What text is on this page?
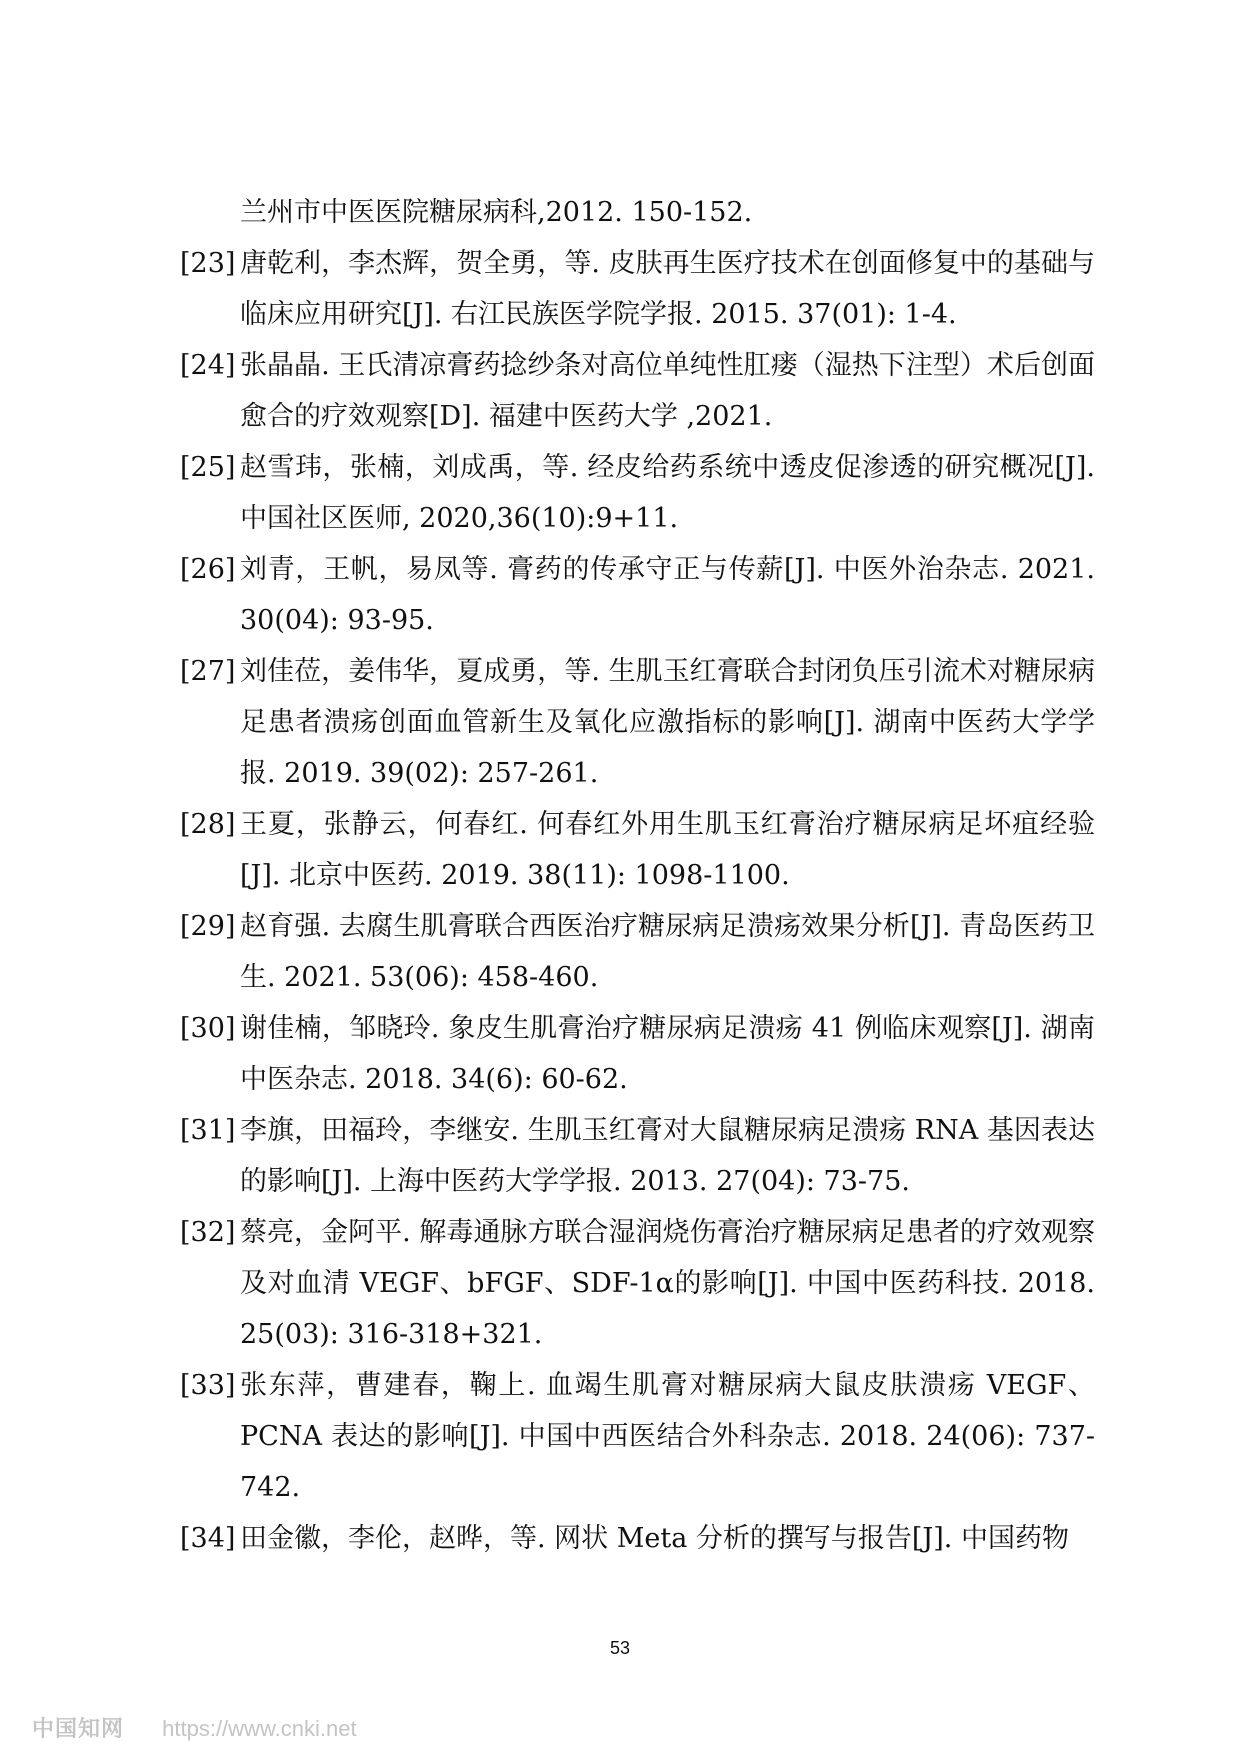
兰州市中医医院糖尿病科,2012. 150-152.
[23] 唐乾利，李杰辉，贺全勇，等. 皮肤再生医疗技术在创面修复中的基础与临床应用研究[J]. 右江民族医学院学报. 2015. 37(01): 1-4.
[24] 张晶晶. 王氏清凉膏药捻纱条对高位单纯性肛瘘（湿热下注型）术后创面愈合的疗效观察[D]. 福建中医药大学 ,2021.
[25] 赵雪玮，张楠，刘成禹，等. 经皮给药系统中透皮促渗透的研究概况[J]. 中国社区医师, 2020,36(10):9+11.
[26] 刘青，王帆，易凤等. 膏药的传承守正与传薪[J]. 中医外治杂志. 2021. 30(04): 93-95.
[27] 刘佳莅，姜伟华，夏成勇，等. 生肌玉红膏联合封闭负压引流术对糖尿病足患者溃疡创面血管新生及氧化应激指标的影响[J]. 湖南中医药大学学报. 2019. 39(02): 257-261.
[28] 王夏，张静云，何春红. 何春红外用生肌玉红膏治疗糖尿病足坏疽经验[J]. 北京中医药. 2019. 38(11): 1098-1100.
[29] 赵育强. 去腐生肌膏联合西医治疗糖尿病足溃疡效果分析[J]. 青岛医药卫生. 2021. 53(06): 458-460.
[30] 谢佳楠，邹晓玲. 象皮生肌膏治疗糖尿病足溃疡 41 例临床观察[J]. 湖南中医杂志. 2018. 34(6): 60-62.
[31] 李旗，田福玲，李继安. 生肌玉红膏对大鼠糖尿病足溃疡 RNA 基因表达的影响[J]. 上海中医药大学学报. 2013. 27(04): 73-75.
[32] 蔡亮，金阿平. 解毒通脉方联合湿润烧伤膏治疗糖尿病足患者的疗效观察及对血清 VEGF、bFGF、SDF-1α的影响[J]. 中国中医药科技. 2018. 25(03): 316-318+321.
[33] 张东萍，曹建春，鞠上. 血竭生肌膏对糖尿病大鼠皮肤溃疡 VEGF、PCNA 表达的影响[J]. 中国中西医结合外科杂志. 2018. 24(06): 737-742.
[34] 田金徽，李伦，赵晔，等. 网状 Meta 分析的撰写与报告[J]. 中国药物
53
中国知网 https://www.cnki.net
